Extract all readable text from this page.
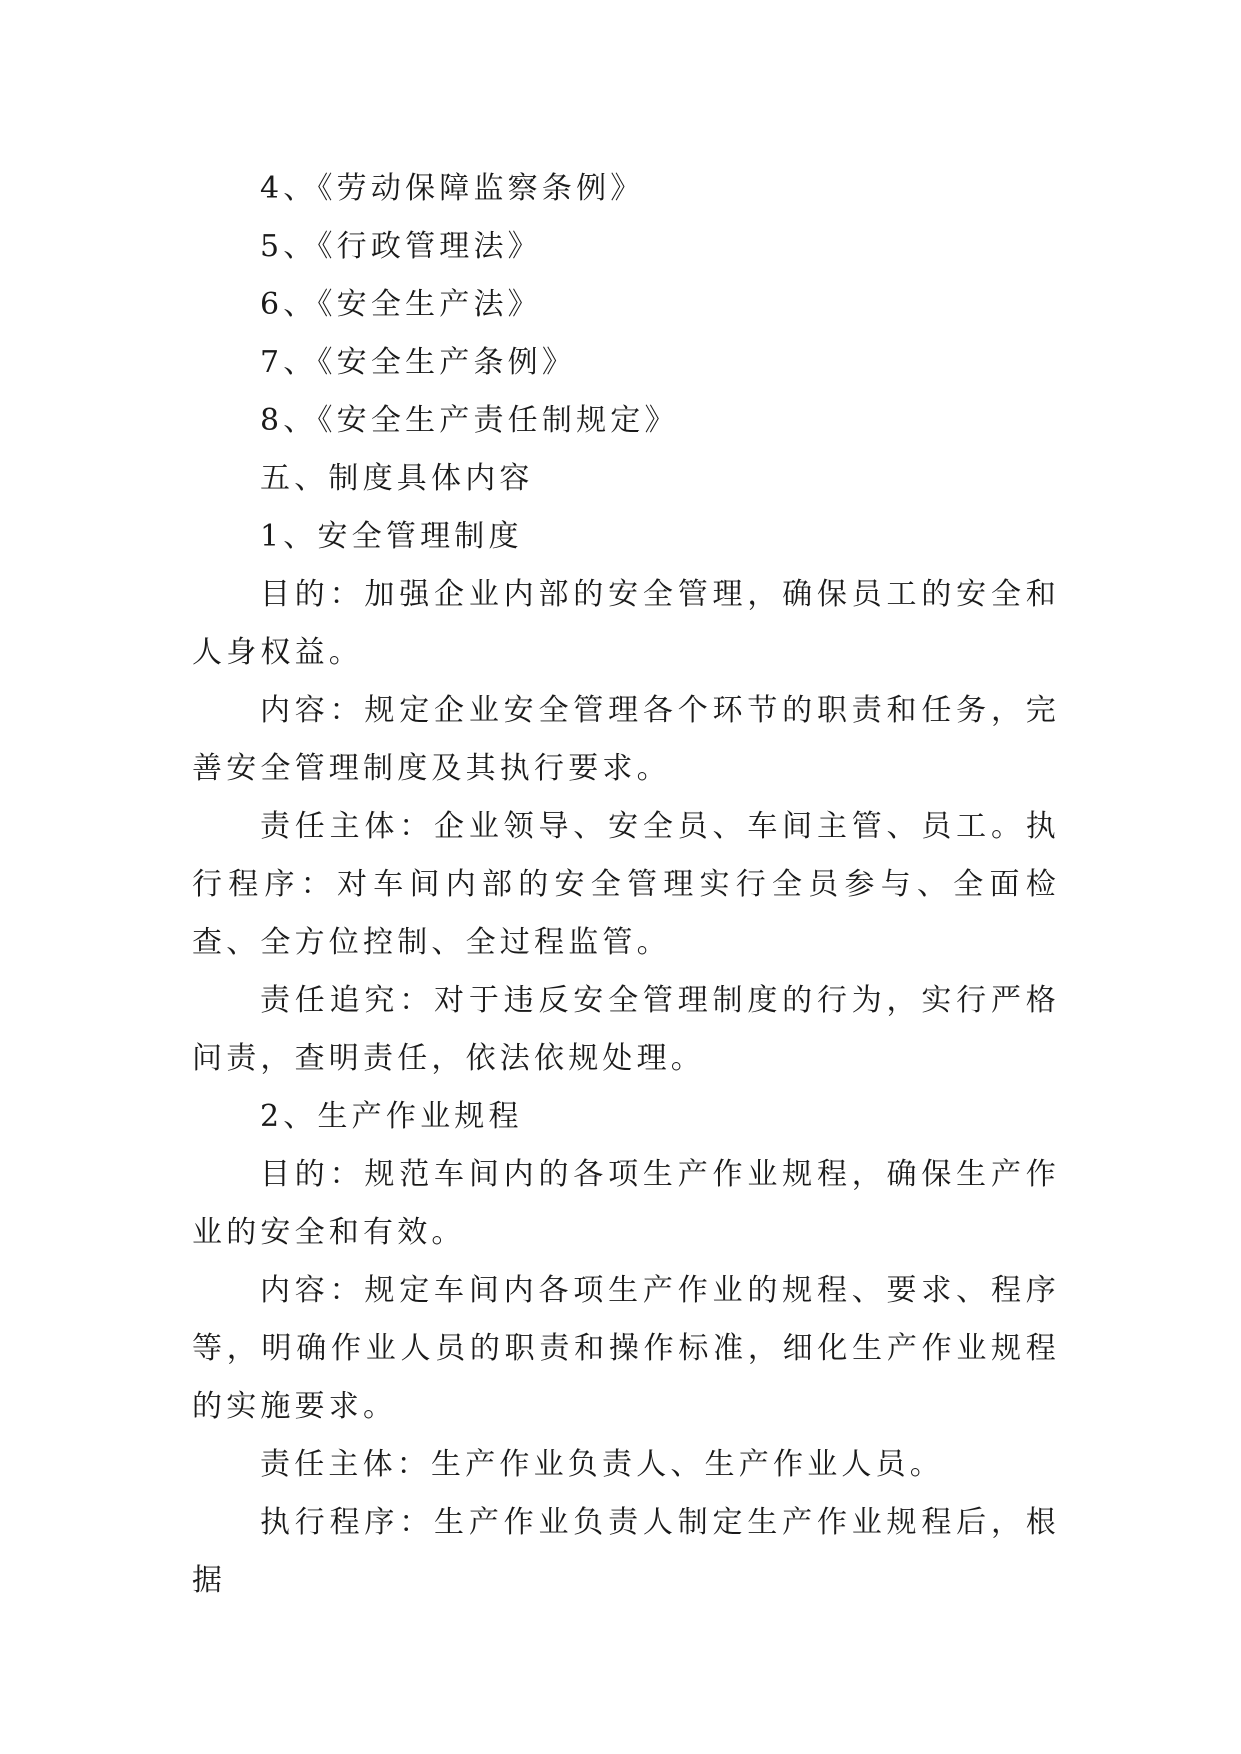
4、《劳动保障监察条例》

5、《行政管理法》

6、《安全生产法》

7、《安全生产条例》

8、《安全生产责任制规定》

五、制度具体内容

1、安全管理制度

目的：加强企业内部的安全管理，确保员工的安全和人身权益。

内容：规定企业安全管理各个环节的职责和任务，完善安全管理制度及其执行要求。

责任主体：企业领导、安全员、车间主管、员工。执行程序：对车间内部的安全管理实行全员参与、全面检查、全方位控制、全过程监管。

责任追究：对于违反安全管理制度的行为，实行严格问责，查明责任，依法依规处理。

2、生产作业规程

目的：规范车间内的各项生产作业规程，确保生产作业的安全和有效。

内容：规定车间内各项生产作业的规程、要求、程序等，明确作业人员的职责和操作标准，细化生产作业规程的实施要求。

责任主体：生产作业负责人、生产作业人员。

执行程序：生产作业负责人制定生产作业规程后，根据
